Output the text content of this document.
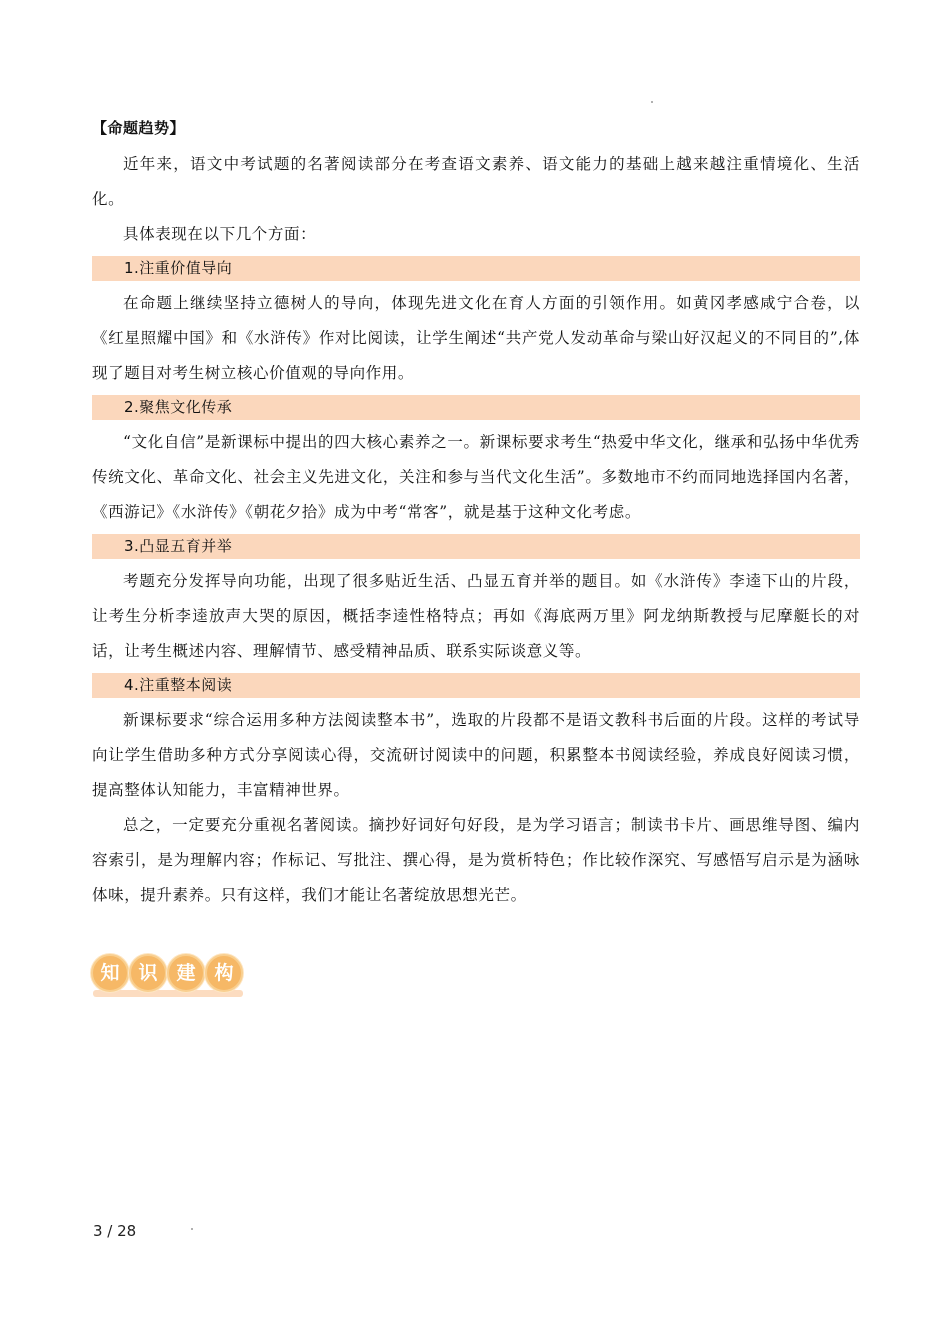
【命题趋势】

近年来，语文中考试题的名著阅读部分在考查语文素养、语文能力的基础上越来越注重情境化、生活化。

具体表现在以下几个方面：

1.注重价值导向

在命题上继续坚持立德树人的导向，体现先进文化在育人方面的引领作用。如黄冈孝感咸宁合卷，以《红星照耀中国》和《水浒传》作对比阅读，让学生阐述“共产党人发动革命与梁山好汉起义的不同目的”,体现了题目对考生树立核心价值观的导向作用。

2.聚焦文化传承

“文化自信”是新课标中提出的四大核心素养之一。新课标要求考生“热爱中华文化，继承和弘扬中华优秀传统文化、革命文化、社会主义先进文化，关注和参与当代文化生活”。多数地市不约而同地选择国内名著，《西游记》《水浒传》《朝花夕拾》成为中考“常客”，就是基于这种文化考虑。

3.凸显五育并举

考题充分发挥导向功能，出现了很多贴近生活、凸显五育并举的题目。如《水浒传》李逵下山的片段，让考生分析李逵放声大哭的原因，概括李逵性格特点；再如《海底两万里》阿龙纳斯教授与尼摩艇长的对话，让考生概述内容、理解情节、感受精神品质、联系实际谈意义等。

4.注重整本阅读

新课标要求“综合运用多种方法阅读整本书”，选取的片段都不是语文教科书后面的片段。这样的考试导向让学生借助多种方式分享阅读心得，交流研讨阅读中的问题，积累整本书阅读经验，养成良好阅读习惯，提高整体认知能力，丰富精神世界。

总之，一定要充分重视名著阅读。摘抄好词好句好段，是为学习语言；制读书卡片、画思维导图、编内容索引，是为理解内容；作标记、写批注、撰心得，是为赏析特色；作比较作深究、写感悟写启示是为涵咏体味，提升素养。只有这样，我们才能让名著绽放思想光芒。

知 识 建 构
3 / 28
